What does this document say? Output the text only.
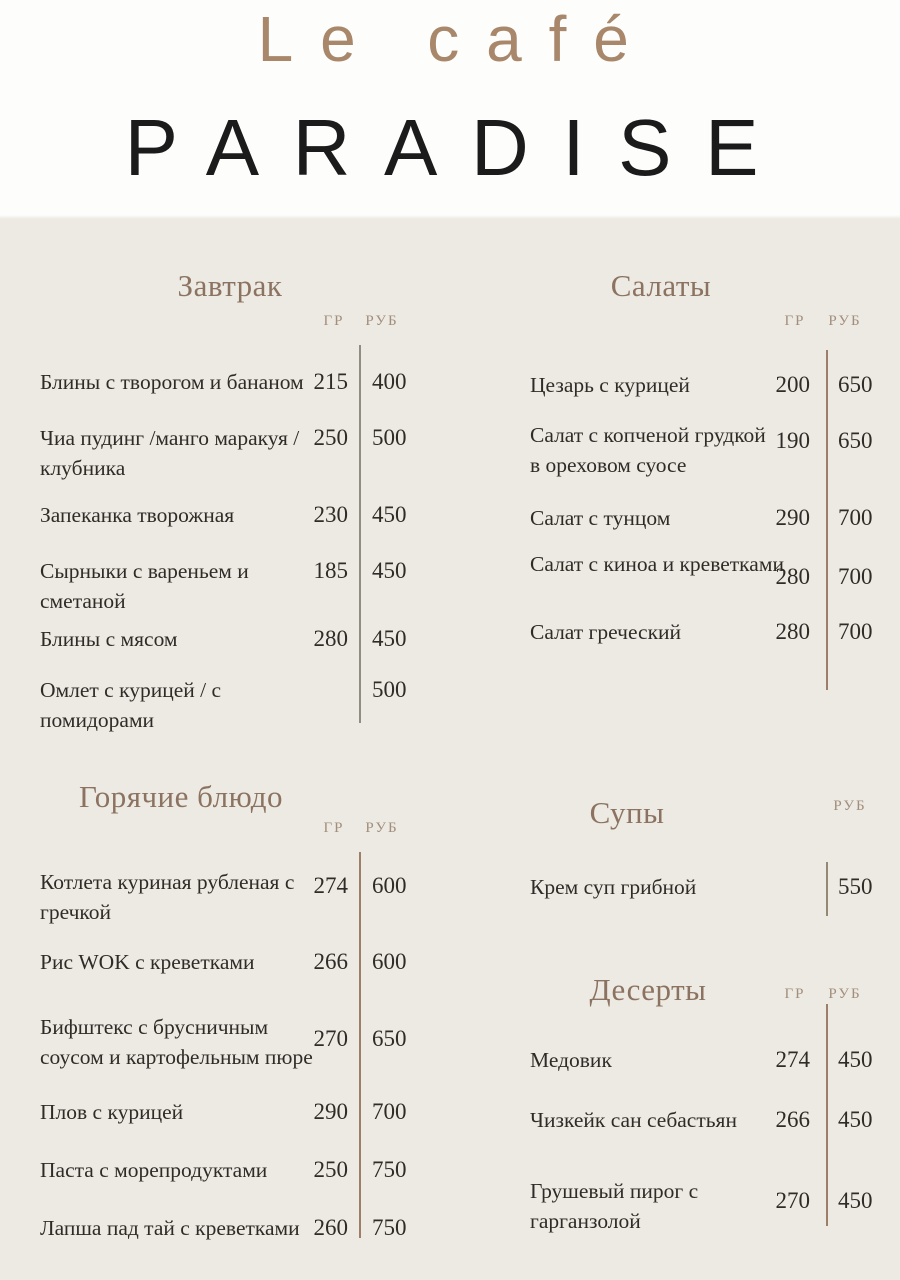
Le café
PARADISE
Завтрак
ГР	РУБ
Блины с творогом и бананом 215 400
Чиа пудинг /манго маракуя /
клубника
250 500
Запеканка творожная	230 450
Сырныки с вареньем и
сметаной
185 450
Блины с мясом	280 450
Омлет с курицей / с помидорами
500
Салаты
ГР	РУБ
Цезарь с курицей	200 650
Салат с копченой грудкой
в ореховом суосе
190 650
Салат с тунцом	290 700
Салат с киноа и креветками
280 700
Салат греческий	280 700
Горячие блюдо
ГР	РУБ
Котлета куриная рубленая с
гречкой
274 600
Рис WOK с креветками	266 600
Бифштекс с брусничным
соусом и картофельным пюре
270 650
Плов с курицей	290 700
Паста с морепродуктами	250 750
Лапша пад тай с креветками 260 750
Супы	РУБ
Крем суп грибной	550
Десерты	ГР	РУБ
Медовик	274 450
Чизкейк сан себастьян	266 450
Грушевый пирог с
гарганзолой
270 450
